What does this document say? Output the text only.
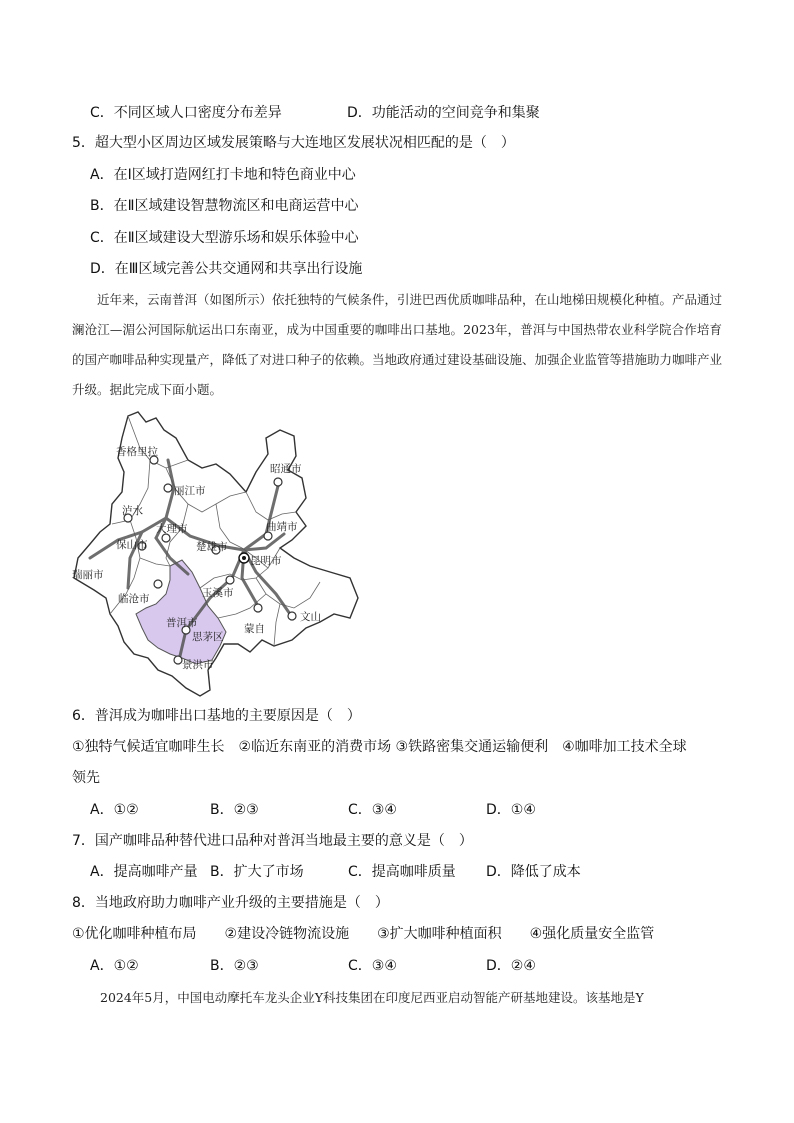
C．不同区域人口密度分布差异	D．功能活动的空间竞争和集聚
5．超大型小区周边区域发展策略与大连地区发展状况相匹配的是（　）
A．在Ⅰ区域打造网红打卡地和特色商业中心
B．在Ⅱ区域建设智慧物流区和电商运营中心
C．在Ⅱ区域建设大型游乐场和娱乐体验中心
D．在Ⅲ区域完善公共交通网和共享出行设施

近年来，云南普洱（如图所示）依托独特的气候条件，引进巴西优质咖啡品种，在山地梯田规模化种植。产品通过澜沧江—湄公河国际航运出口东南亚，成为中国重要的咖啡出口基地。2023年，普洱与中国热带农业科学院合作培育的国产咖啡品种实现量产，降低了对进口种子的依赖。当地政府通过建设基础设施、加强企业监管等措施助力咖啡产业升级。据此完成下面小题。

香格里拉
丽江市
泸水
大理市
保山市	楚雄市
昭通市
曲靖市
昆明市
玉溪市
瑞丽市
临沧市
普洱市
思茅区
蒙自
文山
景洪市
6．普洱成为咖啡出口基地的主要原因是（　）
①独特气候适宜咖啡生长　②临近东南亚的消费市场 ③铁路密集交通运输便利　④咖啡加工技术全球
领先
A．①②	B．②③	C．③④	D．①④
7．国产咖啡品种替代进口品种对普洱当地最主要的意义是（　）
A．提高咖啡产量 B．扩大了市场	C．提高咖啡质量 D．降低了成本
8．当地政府助力咖啡产业升级的主要措施是（　）
①优化咖啡种植布局　　②建设冷链物流设施　　③扩大咖啡种植面积　　④强化质量安全监管
A．①②	B．②③	C．③④	D．②④
2024年5月，中国电动摩托车龙头企业Y科技集团在印度尼西亚启动智能产研基地建设。该基地是Y
